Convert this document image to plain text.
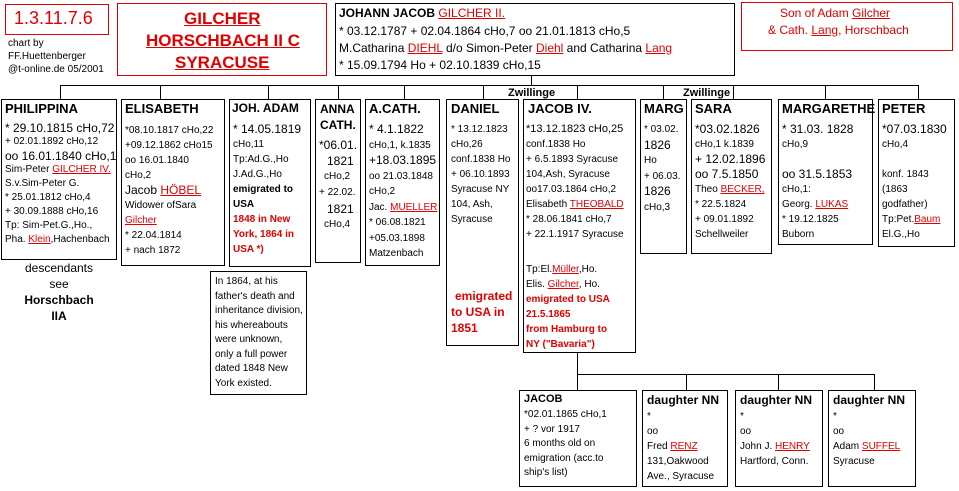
1.3.11.7.6
chart by
FF.Huettenberger
@t-online.de 05/2001
GILCHER
HORSCHBACH II C
SYRACUSE
JOHANN JACOB GILCHER II.
* 03.12.1787 + 02.04.1864 cHo,7 oo 21.01.1813 cHo,5
M.Catharina DIEHL d/o Simon-Peter Diehl and Catharina Lang
* 15.09.1794 Ho + 02.10.1839 cHo,15
Son of Adam Gilcher
& Cath. Lang, Horschbach
Zwillinge	Zwillinge
PHILIPPINA
* 29.10.1815 cHo,72
+ 02.01.1892 cHo,12
oo 16.01.1840 cHo,1
Sim-Peter GILCHER IV.
S.v.Sim-Peter G.
* 25.01.1812 cHo,4
+ 30.09.1888 cHo,16
Tp: Sim-Pet.G.,Ho.,
Pha. Klein,Hachenbach
descendants
see
Horschbach
IIA
ELISABETH
*08.10.1817 cHo,22
+09.12.1862 cHo15
oo 16.01.1840
cHo,2
Jacob HÖBEL
Widower ofSara
Gilcher
* 22.04.1814
+ nach 1872
JOH. ADAM
* 14.05.1819
cHo,11
Tp:Ad.G.,Ho
J.Ad.G.,Ho
emigrated to
USA
1848 in New
York, 1864 in
USA *)
In 1864, at his
father's death and
inheritance division,
his whereabouts
were unknown,
only a full power
dated 1848 New
York existed.
ANNA
CATH.
*06.01.
1821
cHo,2
+ 22.02.
1821
cHo,4
A.CATH.
* 4.1.1822
cHo,1, k.1835
+18.03.1895
oo 21.03.1848
cHo,2
Jac. MUELLER
* 06.08.1821
+05.03.1898
Matzenbach
DANIEL
* 13.12.1823
cHo,26
conf.1838 Ho
+ 06.10.1893
Syracuse NY
104, Ash,
Syracuse
emigrated
to USA in
1851
JACOB IV.
*13.12.1823 cHo,25
conf.1838 Ho
+ 6.5.1893 Syracuse
104,Ash, Syracuse
oo17.03.1864 cHo,2
Elisabeth THEOBALD
* 28.06.1841 cHo,7
+ 22.1.1917 Syracuse
Tp:El.Müller,Ho.
Elis. Gilcher, Ho.
emigrated to USA
21.5.1865
from Hamburg to
NY ("Bavaria")
MARG
* 03.02.
1826
Ho
+ 06.03.
1826
cHo,3
SARA
*03.02.1826
cHo,1 k.1839
+ 12.02.1896
oo 7.5.1850
Theo BECKER,
* 22.5.1824
+ 09.01.1892
Schellweiler
MARGARETHE
* 31.03. 1828
cHo,9
oo 31.5.1853
cHo,1:
Georg. LUKAS
* 19.12.1825
Buborn
PETER
*07.03.1830
cHo,4
konf. 1843
(1863
godfather)
Tp:Pet.Baum
El.G.,Ho
JACOB
*02.01.1865 cHo,1
+ ? vor 1917
6 months old on
emigration (acc.to
ship's list)
daughter NN
*
oo
Fred RENZ
131,Oakwood
Ave., Syracuse
daughter NN
*
oo
John J. HENRY
Hartford, Conn.
daughter NN
*
oo
Adam SUFFEL
Syracuse
